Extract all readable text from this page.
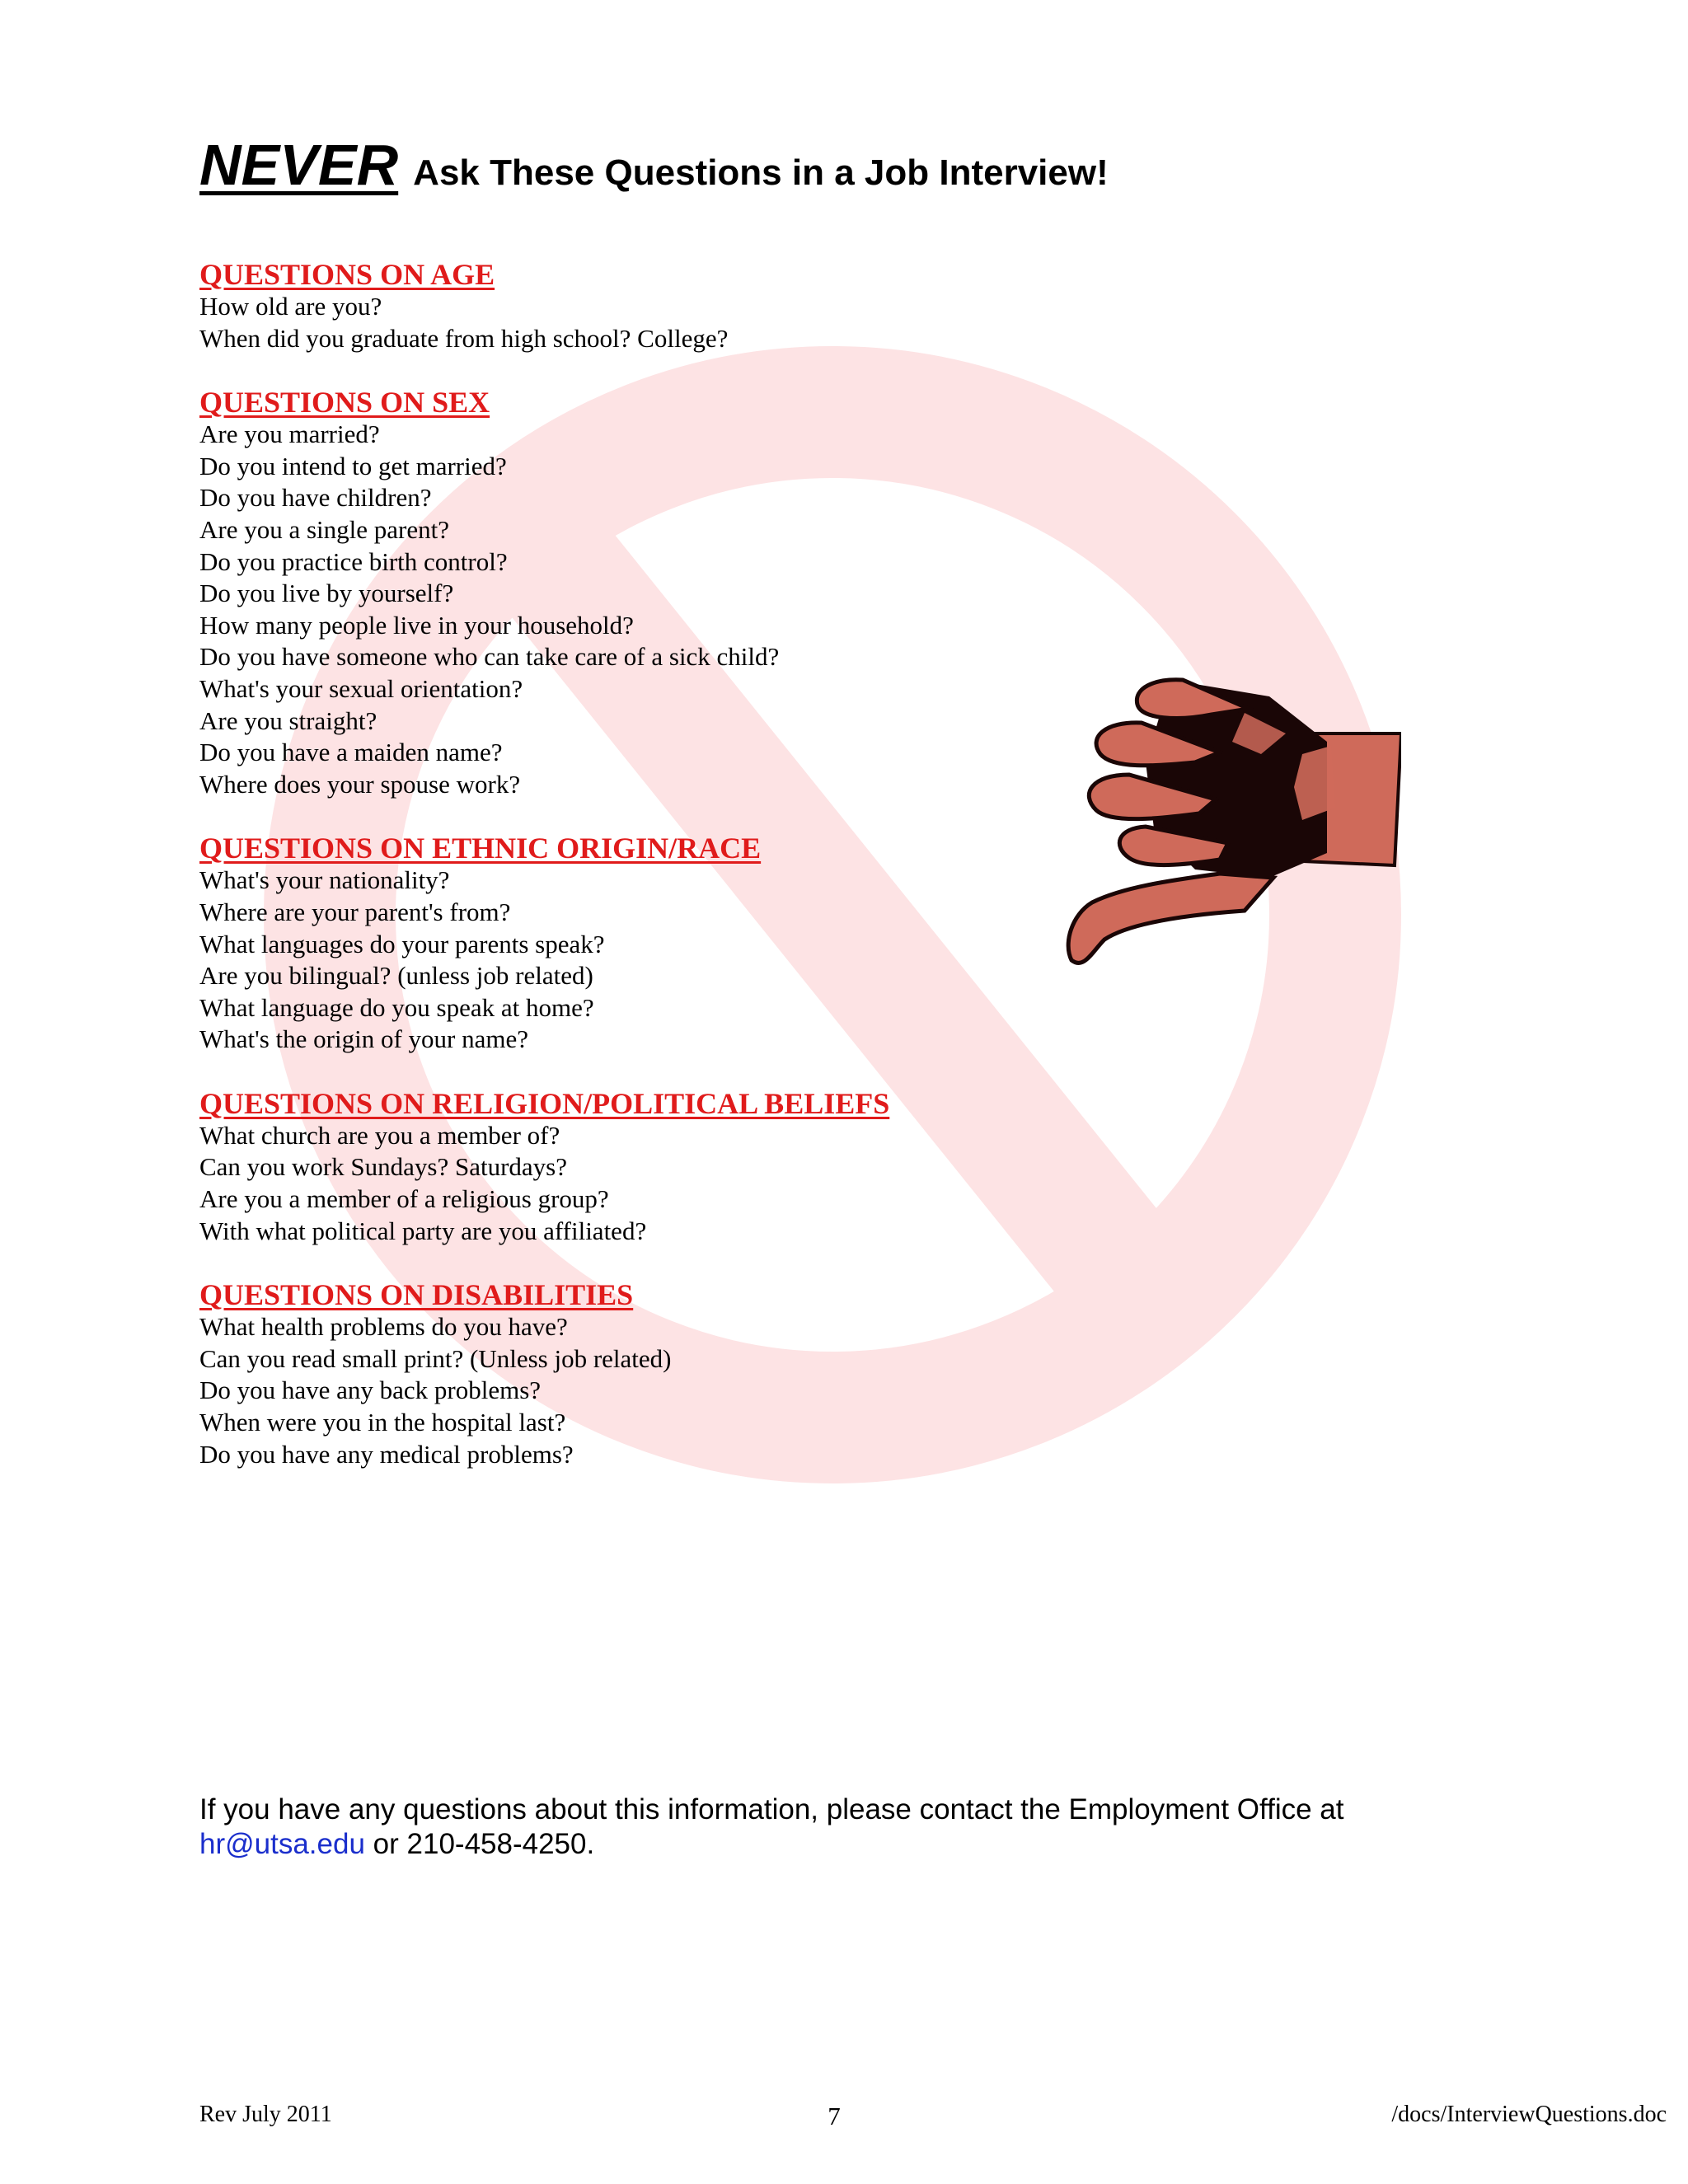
NEVER Ask These Questions in a Job Interview!
QUESTIONS ON AGE
How old are you?
When did you graduate from high school? College?
QUESTIONS ON SEX
Are you married?
Do you intend to get married?
Do you have children?
Are you a single parent?
Do you practice birth control?
Do you live by yourself?
How many people live in your household?
Do you have someone who can take care of a sick child?
What's your sexual orientation?
Are you straight?
Do you have a maiden name?
Where does your spouse work?
QUESTIONS ON ETHNIC ORIGIN/RACE
What's your nationality?
Where are your parent's from?
What languages do your parents speak?
Are you bilingual? (unless job related)
What language do you speak at home?
What's the origin of your name?
QUESTIONS ON RELIGION/POLITICAL BELIEFS
What church are you a member of?
Can you work Sundays? Saturdays?
Are you a member of a religious group?
With what political party are you affiliated?
QUESTIONS ON DISABILITIES
What health problems do you have?
Can you read small print? (Unless job related)
Do you have any back problems?
When were you in the hospital last?
Do you have any medical problems?
If you have any questions about this information, please contact the Employment Office at
hr@utsa.edu or 210-458-4250.
Rev July 2011	7	/docs/InterviewQuestions.doc
